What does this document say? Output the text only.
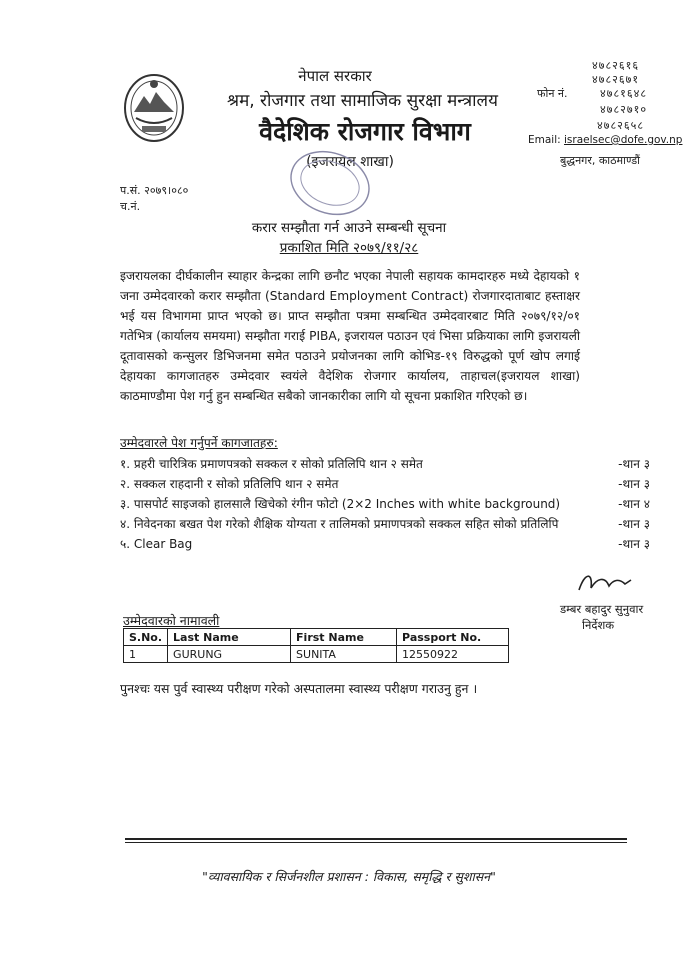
नेपाल सरकार
श्रम, रोजगार तथा सामाजिक सुरक्षा मन्त्रालय
वैदेशिक रोजगार विभाग
(इजरायल शाखा)
फोन नं.
४७८२६१६
४७८२६७१
४७८१६४८
४७८२७१०
४७८२६५८
Email: israelsec@dofe.gov.np
बुद्धनगर, काठमाण्डौं
प.सं. २०७९।०८०
च.नं.
करार सम्झौता गर्न आउने सम्बन्धी सूचना
प्रकाशित मिति २०७९/११/२८
इजरायलका दीर्घकालीन स्याहार केन्द्रका लागि छनौट भएका नेपाली सहायक कामदारहरु मध्ये देहायको १ जना उम्मेदवारको करार सम्झौता (Standard Employment Contract) रोजगारदाताबाट हस्ताक्षर भई यस विभागमा प्राप्त भएको छ। प्राप्त सम्झौता पत्रमा सम्बन्धित उम्मेदवारबाट मिति २०७९/१२/०१ गतेभित्र (कार्यालय समयमा) सम्झौता गराई PIBA, इजरायल पठाउन एवं भिसा प्रक्रियाका लागि इजरायली दूतावासको कन्सुलर डिभिजनमा समेत पठाउने प्रयोजनका लागि कोभिड-१९ विरुद्धको पूर्ण खोप लगाई देहायका कागजातहरु उम्मेदवार स्वयंले वैदेशिक रोजगार कार्यालय, ताहाचल(इजरायल शाखा) काठमाण्डौमा पेश गर्नु हुन सम्बन्धित सबैको जानकारीका लागि यो सूचना प्रकाशित गरिएको छ।
उम्मेदवारले पेश गर्नुपर्ने कागजातहरु:
१. प्रहरी चारित्रिक प्रमाणपत्रको सक्कल र सोको प्रतिलिपि थान २ समेत	-थान ३
२. सक्कल राहदानी र सोको प्रतिलिपि थान २ समेत	-थान ३
३. पासपोर्ट साइजको हालसालै खिचेको रंगीन फोटो (2×2 Inches with white background)	-थान ४
४. निवेदनका बखत पेश गरेको शैक्षिक योग्यता र तालिमको प्रमाणपत्रको सक्कल सहित सोको प्रतिलिपि	-थान ३
५. Clear Bag	-थान ३
डम्बर बहादुर सुनुवार
निर्देशक
उम्मेदवारको नामावली
S.No.	Last Name	First Name	Passport No.
1	GURUNG	SUNITA	12550922
पुनश्चः यस पुर्व स्वास्थ्य परीक्षण गरेको अस्पतालमा स्वास्थ्य परीक्षण गराउनु हुन ।
"व्यावसायिक र सिर्जनशील प्रशासन : विकास, समृद्धि र सुशासन"
